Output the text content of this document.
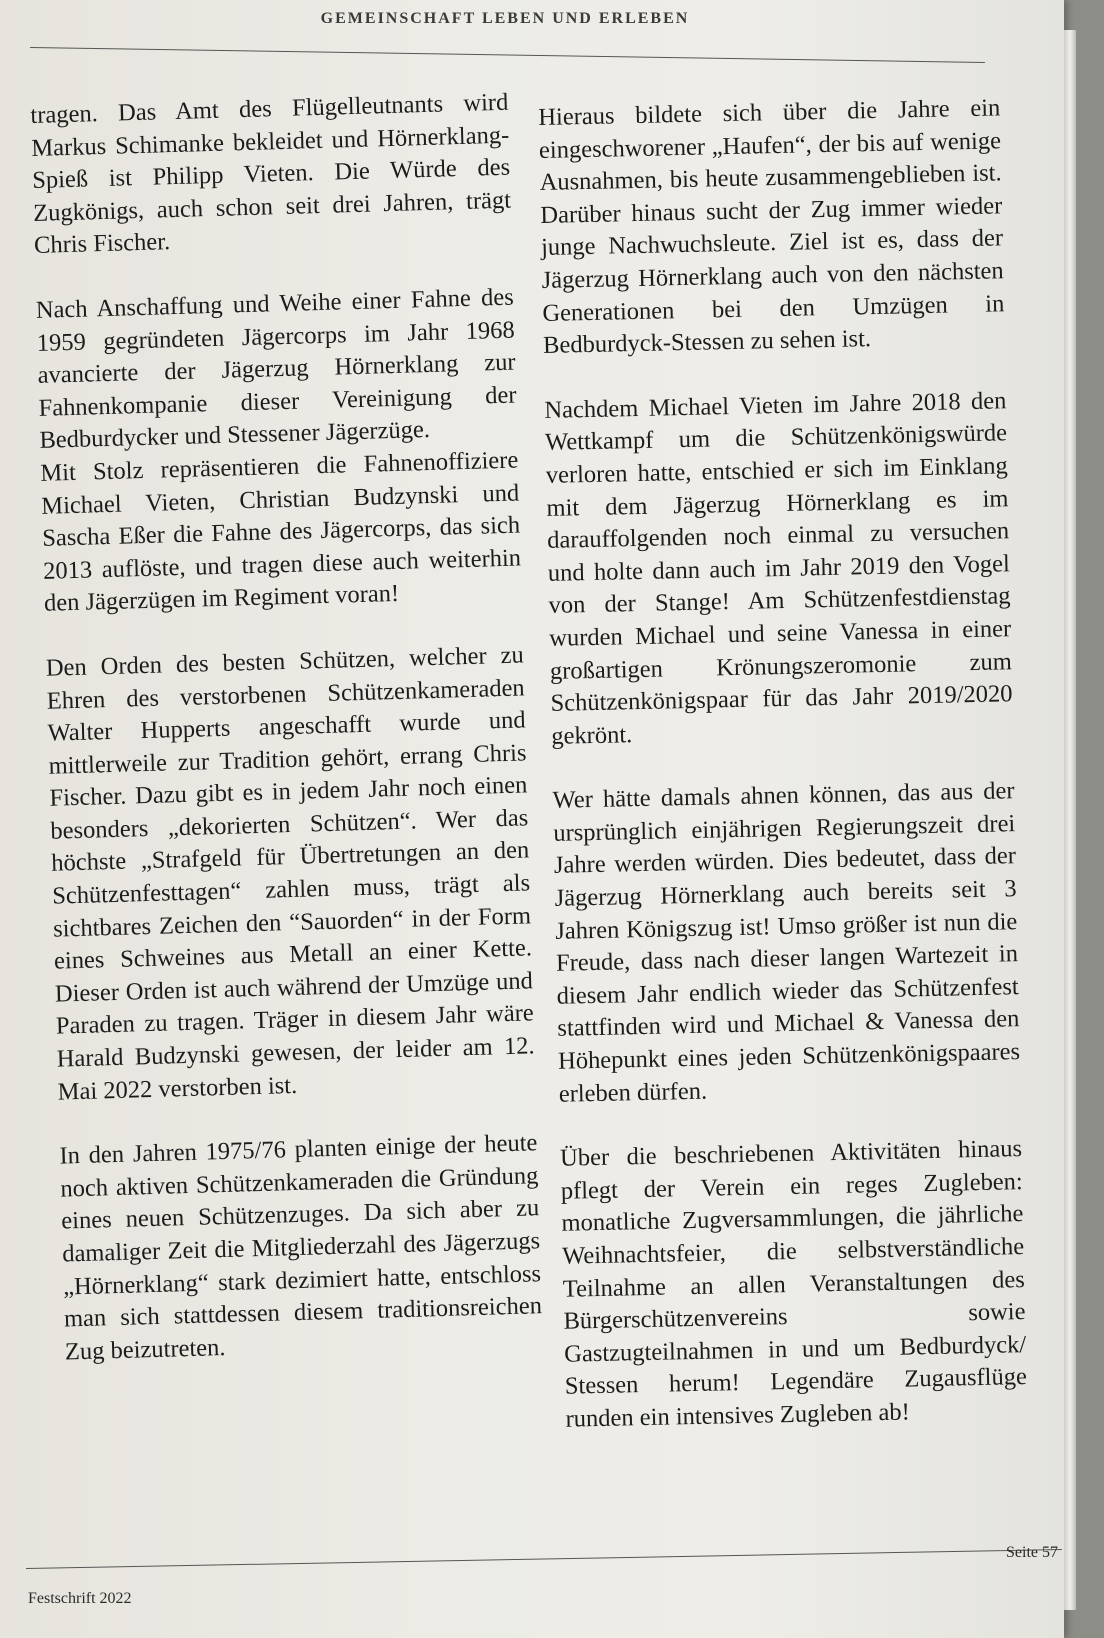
GEMEINSCHAFT LEBEN UND ERLEBEN

tragen. Das Amt des Flügelleutnants wird Markus Schimanke bekleidet und Hörnerklang-Spieß ist Philipp Vieten. Die Würde des Zugkönigs, auch schon seit drei Jahren, trägt Chris Fischer.

Nach Anschaffung und Weihe einer Fahne des 1959 gegründeten Jägercorps im Jahr 1968 avancierte der Jägerzug Hörnerklang zur Fahnenkompanie dieser Vereinigung der Bedburdycker und Stessener Jägerzüge.

Mit Stolz repräsentieren die Fahnenoffiziere Michael Vieten, Christian Budzynski und Sascha Eßer die Fahne des Jägercorps, das sich 2013 auflöste, und tragen diese auch weiterhin den Jägerzügen im Regiment voran!

Den Orden des besten Schützen, welcher zu Ehren des verstorbenen Schützenkameraden Walter Hupperts angeschafft wurde und mittlerweile zur Tradition gehört, errang Chris Fischer. Dazu gibt es in jedem Jahr noch einen besonders „dekorierten Schützen“. Wer das höchste „Strafgeld für Übertretungen an den Schützenfesttagen“ zahlen muss, trägt als sichtbares Zeichen den “Sauorden“ in der Form eines Schweines aus Metall an einer Kette. Dieser Orden ist auch während der Umzüge und Paraden zu tragen. Träger in diesem Jahr wäre Harald Budzynski gewesen, der leider am 12. Mai 2022 verstorben ist.

In den Jahren 1975/76 planten einige der heute noch aktiven Schützenkameraden die Gründung eines neuen Schützenzuges. Da sich aber zu damaliger Zeit die Mitgliederzahl des Jägerzugs „Hörnerklang“ stark dezimiert hatte, entschloss man sich stattdessen diesem traditionsreichen Zug beizutreten.

Hieraus bildete sich über die Jahre ein eingeschworener „Haufen“, der bis auf wenige Ausnahmen, bis heute zusammengeblieben ist. Darüber hinaus sucht der Zug immer wieder junge Nachwuchsleute. Ziel ist es, dass der Jägerzug Hörnerklang auch von den nächsten Generationen bei den Umzügen in Bedburdyck-Stessen zu sehen ist.

Nachdem Michael Vieten im Jahre 2018 den Wettkampf um die Schützenkönigswürde verloren hatte, entschied er sich im Einklang mit dem Jägerzug Hörnerklang es im darauffolgenden noch einmal zu versuchen und holte dann auch im Jahr 2019 den Vogel von der Stange! Am Schützenfestdienstag wurden Michael und seine Vanessa in einer großartigen Krönungszeromonie zum Schützenkönigspaar für das Jahr 2019/2020 gekrönt.

Wer hätte damals ahnen können, das aus der ursprünglich einjährigen Regierungszeit drei Jahre werden würden. Dies bedeutet, dass der Jägerzug Hörnerklang auch bereits seit 3 Jahren Königszug ist! Umso größer ist nun die Freude, dass nach dieser langen Wartezeit in diesem Jahr endlich wieder das Schützenfest stattfinden wird und Michael & Vanessa den Höhepunkt eines jeden Schützenkönigspaares erleben dürfen.

Über die beschriebenen Aktivitäten hinaus pflegt der Verein ein reges Zugleben: monatliche Zugversammlungen, die jährliche Weihnachtsfeier, die selbstverständliche Teilnahme an allen Veranstaltungen des Bürgerschützenvereins sowie Gastzugteilnahmen in und um Bedburdyck/ Stessen herum! Legendäre Zugausflüge runden ein intensives Zugleben ab!

Festschrift 2022
Seite 57
